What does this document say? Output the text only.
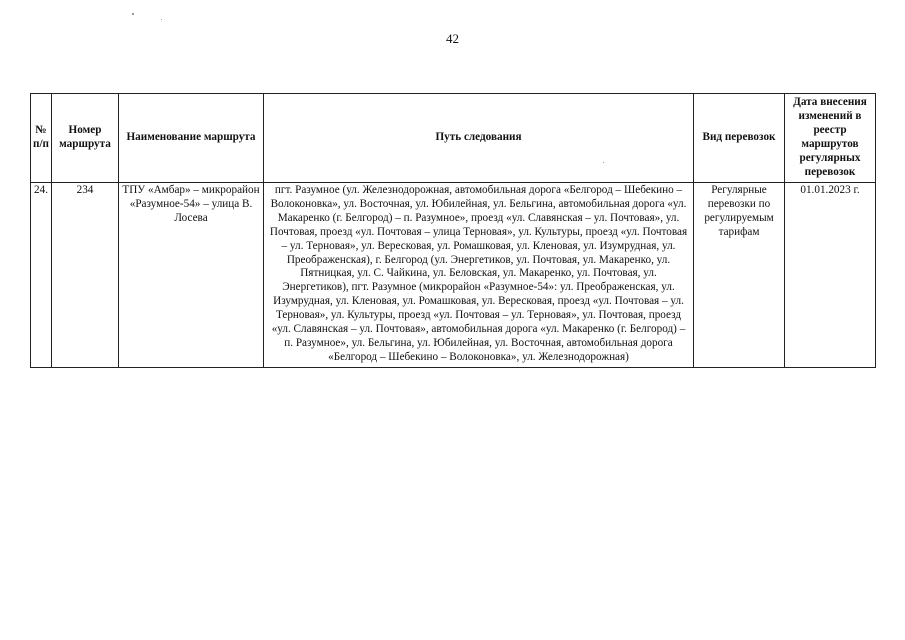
42
№ п/п	Номер маршрута	Наименование маршрута	Путь следования	Вид перевозок	Дата внесения изменений в реестр маршрутов регулярных перевозок
24.	234	ТПУ «Амбар» – микрорайон «Разумное-54» – улица В. Лосева	пгт. Разумное (ул. Железнодорожная, автомобильная дорога «Белгород – Шебекино – Волоконовка», ул. Восточная, ул. Юбилейная, ул. Бельгина, автомобильная дорога «ул. Макаренко (г. Белгород) – п. Разумное», проезд «ул. Славянская – ул. Почтовая», ул. Почтовая, проезд «ул. Почтовая – улица Терновая», ул. Культуры, проезд «ул. Почтовая – ул. Терновая», ул. Вересковая, ул. Ромашковая, ул. Кленовая, ул. Изумрудная, ул. Преображенская), г. Белгород (ул. Энергетиков, ул. Почтовая, ул. Макаренко, ул. Пятницкая, ул. С. Чайкина, ул. Беловская, ул. Макаренко, ул. Почтовая, ул. Энергетиков), пгт. Разумное (микрорайон «Разумное-54»: ул. Преображенская, ул. Изумрудная, ул. Кленовая, ул. Ромашковая, ул. Вересковая, проезд «ул. Почтовая – ул. Терновая», ул. Культуры, проезд «ул. Почтовая – ул. Терновая», ул. Почтовая, проезд «ул. Славянская – ул. Почтовая», автомобильная дорога «ул. Макаренко (г. Белгород) – п. Разумное», ул. Бельгина, ул. Юбилейная, ул. Восточная, автомобильная дорога «Белгород – Шебекино – Волоконовка», ул. Железнодорожная)	Регулярные перевозки по регулируемым тарифам	01.01.2023 г.
